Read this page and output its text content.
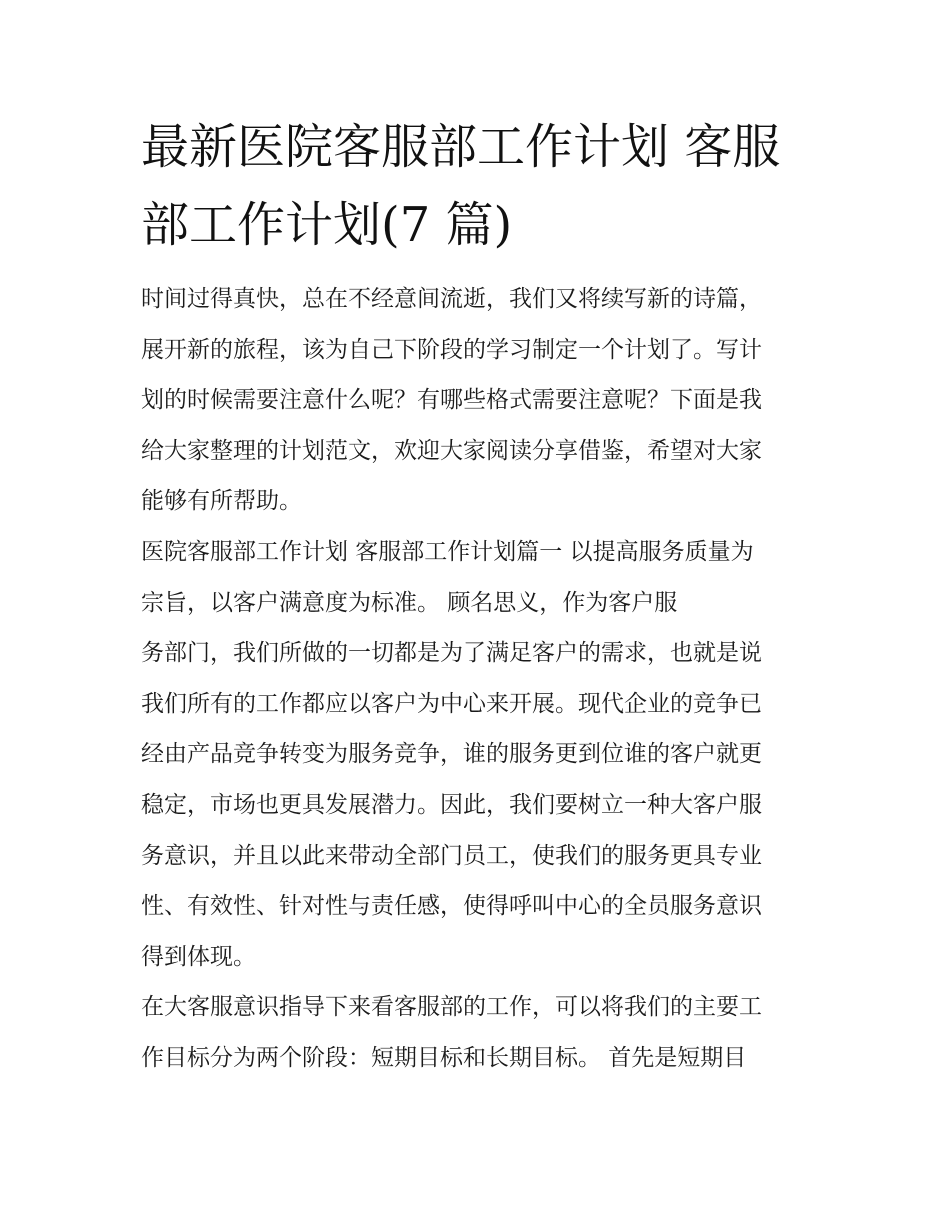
最新医院客服部工作计划 客服
部工作计划(7 篇)
时间过得真快，总在不经意间流逝，我们又将续写新的诗篇，
展开新的旅程，该为自己下阶段的学习制定一个计划了。写计
划的时候需要注意什么呢？有哪些格式需要注意呢？下面是我
给大家整理的计划范文，欢迎大家阅读分享借鉴，希望对大家
能够有所帮助。
医院客服部工作计划 客服部工作计划篇一 以提高服务质量为
宗旨，以客户满意度为标准。 顾名思义，作为客户服
务部门，我们所做的一切都是为了满足客户的需求，也就是说
我们所有的工作都应以客户为中心来开展。现代企业的竞争已
经由产品竞争转变为服务竞争，谁的服务更到位谁的客户就更
稳定，市场也更具发展潜力。因此，我们要树立一种大客户服
务意识，并且以此来带动全部门员工，使我们的服务更具专业
性、有效性、针对性与责任感，使得呼叫中心的全员服务意识
得到体现。
在大客服意识指导下来看客服部的工作，可以将我们的主要工
作目标分为两个阶段：短期目标和长期目标。 首先是短期目
